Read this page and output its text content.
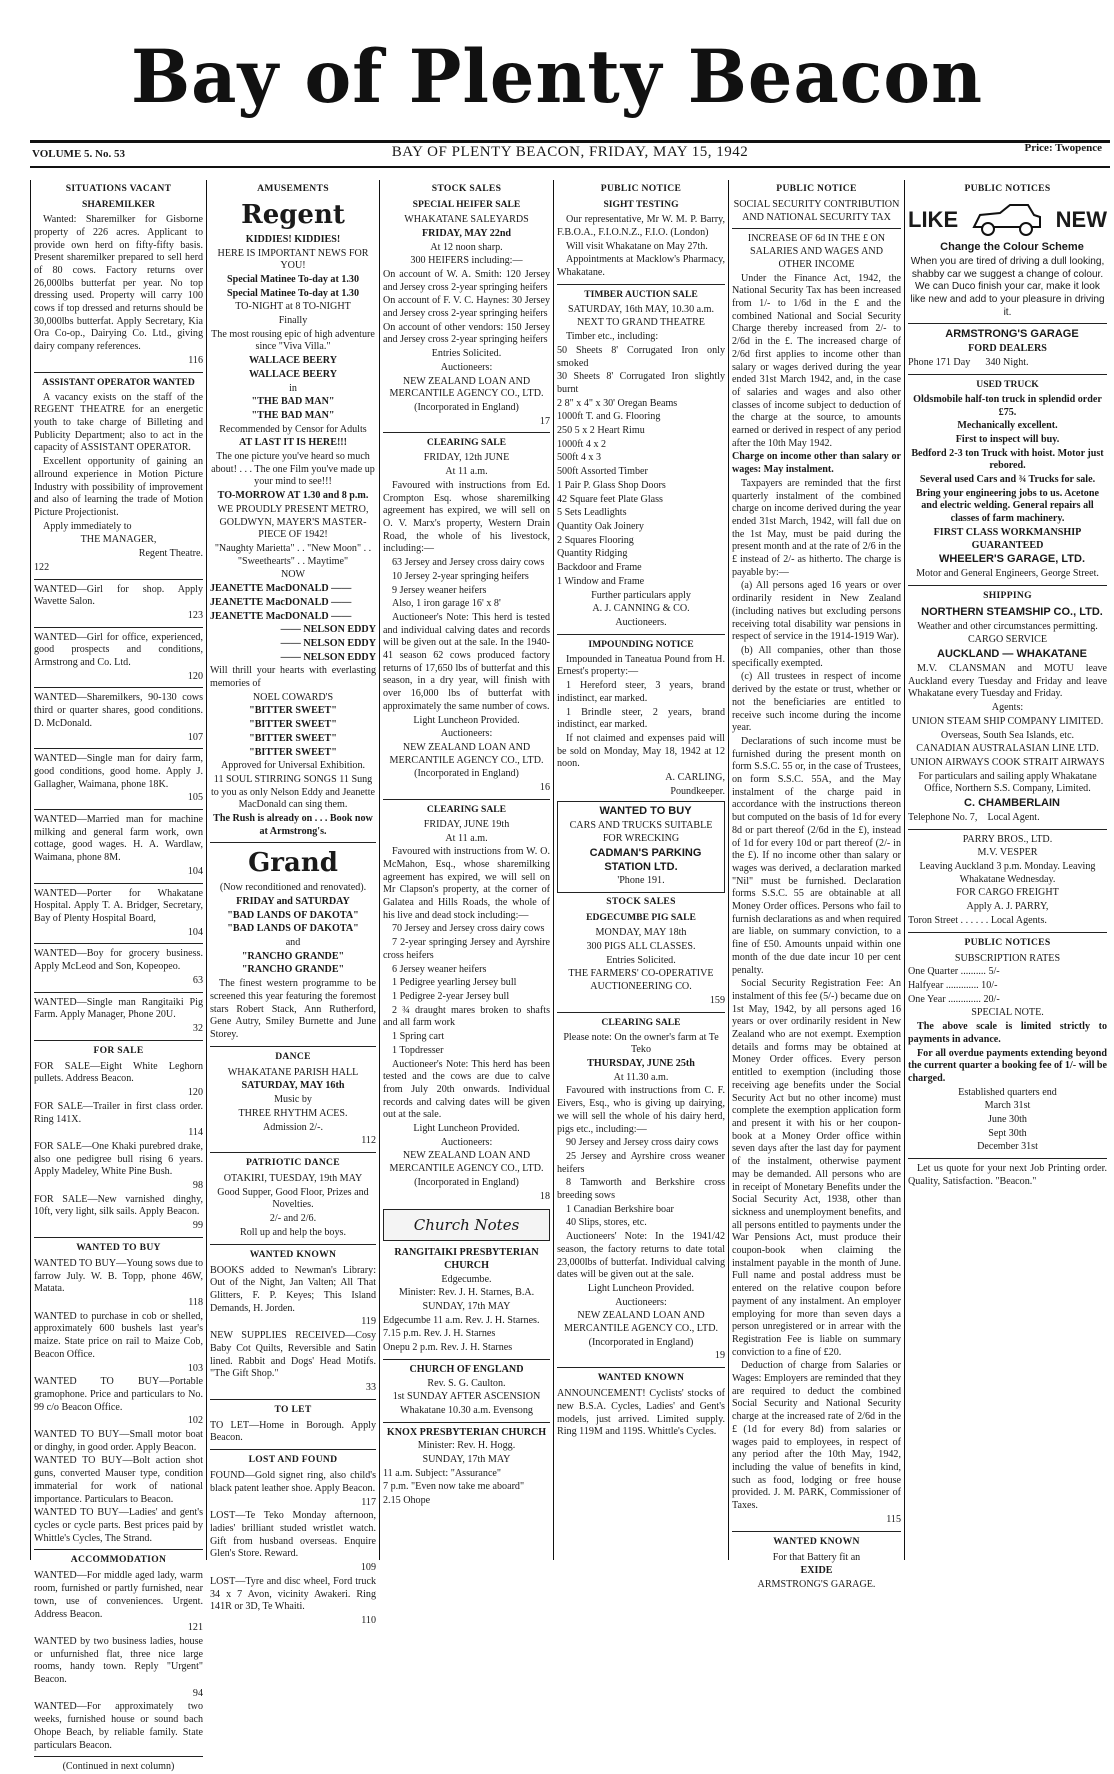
Bay of Plenty Beacon
VOLUME 5. No. 53	BAY OF PLENTY BEACON, FRIDAY, MAY 15, 1942	Price: Twopence
SITUATIONS VACANT
SHAREMILKER

Wanted: Sharemilker for Gisborne property of 226 acres. Applicant to provide own herd on fifty-fifty basis. Present sharemilker prepared to sell herd of 80 cows. Factory returns over 26,000lbs butterfat per year. No top dressing used. Property will carry 100 cows if top dressed and returns should be 30,000lbs butterfat. Apply Secretary, Kia Ora Co-op., Dairying Co. Ltd., giving dairy company references.

116

ASSISTANT OPERATOR WANTED

A vacancy exists on the staff of the REGENT THEATRE for an energetic youth to take charge of Billeting and Publicity Department; also to act in the capacity of ASSISTANT OPERATOR.

Excellent opportunity of gaining an allround experience in Motion Picture Industry with possibility of improvement and also of learning the trade of Motion Picture Projectionist.

Apply immediately to

THE MANAGER,

Regent Theatre.

122

WANTED—Girl for shop. Apply Wavette Salon.

123

WANTED—Girl for office, experienced, good prospects and conditions, Armstrong and Co. Ltd.

120

WANTED—Sharemilkers, 90-130 cows third or quarter shares, good conditions. D. McDonald.

107

WANTED—Single man for dairy farm, good conditions, good home. Apply J. Gallagher, Waimana, phone 18K.

105

WANTED—Married man for machine milking and general farm work, own cottage, good wages. H. A. Wardlaw, Waimana, phone 8M.

104

WANTED—Porter for Whakatane Hospital. Apply T. A. Bridger, Secretary, Bay of Plenty Hospital Board,

104

WANTED—Boy for grocery business. Apply McLeod and Son, Kopeopeo.

63

WANTED—Single man Rangitaiki Pig Farm. Apply Manager, Phone 20U.

32

FOR SALE

FOR SALE—Eight White Leghorn pullets. Address Beacon.

120

FOR SALE—Trailer in first class order. Ring 141X.

114

FOR SALE—One Khaki purebred drake, also one pedigree bull rising 6 years. Apply Madeley, White Pine Bush.

98

FOR SALE—New varnished dinghy, 10ft, very light, silk sails. Apply Beacon.

99

WANTED TO BUY

WANTED TO BUY—Young sows due to farrow July. W. B. Topp, phone 46W, Matata.

118

WANTED to purchase in cob or shelled, approximately 600 bushels last year's maize. State price on rail to Maize Cob, Beacon Office.

103

WANTED TO BUY—Portable gramophone. Price and particulars to No. 99 c/o Beacon Office.

102

WANTED TO BUY—Small motor boat or dinghy, in good order. Apply Beacon.

WANTED TO BUY—Bolt action shot guns, converted Mauser type, condition immaterial for work of national importance. Particulars to Beacon.

WANTED TO BUY—Ladies' and gent's cycles or cycle parts. Best prices paid by Whittle's Cycles, The Strand.

ACCOMMODATION

WANTED—For middle aged lady, warm room, furnished or partly furnished, near town, use of conveniences. Urgent. Address Beacon.

121

WANTED by two business ladies, house or unfurnished flat, three nice large rooms, handy town. Reply "Urgent" Beacon.

94

WANTED—For approximately two weeks, furnished house or sound bach Ohope Beach, by reliable family. State particulars Beacon.

(Continued in next column)

AMUSEMENTS
Regent

KIDDIES! KIDDIES!

HERE IS IMPORTANT NEWS FOR YOU!

Special Matinee To-day at 1.30

Special Matinee To-day at 1.30

TO-NIGHT at 8 TO-NIGHT

Finally

The most rousing epic of high adventure since "Viva Villa."

WALLACE BEERY

WALLACE BEERY

in

"THE BAD MAN"

"THE BAD MAN"

Recommended by Censor for Adults

AT LAST IT IS HERE!!!

The one picture you've heard so much about! . . . The one Film you've made up your mind to see!!!

TO-MORROW AT 1.30 and 8 p.m.

WE PROUDLY PRESENT METRO, GOLDWYN, MAYER'S MASTER-PIECE OF 1942!

"Naughty Marietta" . . "New Moon" . . "Sweethearts" . . Maytime"

NOW

JEANETTE MacDONALD ——

JEANETTE MacDONALD ——

JEANETTE MacDONALD ——

—— NELSON EDDY

—— NELSON EDDY

—— NELSON EDDY

Will thrill your hearts with everlasting memories of

NOEL COWARD'S

"BITTER SWEET"

"BITTER SWEET"

"BITTER SWEET"

"BITTER SWEET"

Approved for Universal Exhibition.

11 SOUL STIRRING SONGS 11 Sung to you as only Nelson Eddy and Jeanette MacDonald can sing them.

The Rush is already on . . . Book now at Armstrong's.

Grand

(Now reconditioned and renovated).

FRIDAY and SATURDAY

"BAD LANDS OF DAKOTA"

"BAD LANDS OF DAKOTA"

and

"RANCHO GRANDE"

"RANCHO GRANDE"

The finest western programme to be screened this year featuring the foremost stars Robert Stack, Ann Rutherford, Gene Autry, Smiley Burnette and June Storey.

DANCE

WHAKATANE PARISH HALL

SATURDAY, MAY 16th

Music by

THREE RHYTHM ACES.

Admission 2/-.

112

PATRIOTIC DANCE

OTAKIRI, TUESDAY, 19th MAY

Good Supper, Good Floor, Prizes and Novelties.

2/- and 2/6.

Roll up and help the boys.

WANTED KNOWN

BOOKS added to Newman's Library: Out of the Night, Jan Valten; All That Glitters, F. P. Keyes; This Island Demands, H. Jorden.

119

NEW SUPPLIES RECEIVED—Cosy Baby Cot Quilts, Reversible and Satin lined. Rabbit and Dogs' Head Motifs. "The Gift Shop."

33

TO LET

TO LET—Home in Borough. Apply Beacon.

LOST AND FOUND

FOUND—Gold signet ring, also child's black patent leather shoe. Apply Beacon.

117

LOST—Te Teko Monday afternoon, ladies' brilliant studed wristlet watch. Gift from husband overseas. Enquire Glen's Store. Reward.

109

LOST—Tyre and disc wheel, Ford truck 34 x 7 Avon, vicinity Awakeri. Ring 141R or 3D, Te Whaiti.

110

STOCK SALES
SPECIAL HEIFER SALE

WHAKATANE SALEYARDS

FRIDAY, MAY 22nd

At 12 noon sharp.

300 HEIFERS including:—

On account of W. A. Smith: 120 Jersey and Jersey cross 2-year springing heifers

On account of F. V. C. Haynes: 30 Jersey and Jersey cross 2-year springing heifers

On account of other vendors: 150 Jersey and Jersey cross 2-year springing heifers

Entries Solicited.

Auctioneers:

NEW ZEALAND LOAN AND MERCANTILE AGENCY CO., LTD.

(Incorporated in England)

17

CLEARING SALE

FRIDAY, 12th JUNE

At 11 a.m.

Favoured with instructions from Ed. Crompton Esq. whose sharemilking agreement has expired, we will sell on O. V. Marx's property, Western Drain Road, the whole of his livestock, including:—

63 Jersey and Jersey cross dairy cows

10 Jersey 2-year springing heifers

9 Jersey weaner heifers

Also, 1 iron garage 16' x 8'

Auctioneer's Note: This herd is tested and individual calving dates and records will be given out at the sale. In the 1940-41 season 62 cows produced factory returns of 17,650 lbs of butterfat and this season, in a dry year, will finish with over 16,000 lbs of butterfat with approximately the same number of cows.

Light Luncheon Provided.

Auctioneers:

NEW ZEALAND LOAN AND MERCANTILE AGENCY CO., LTD.

(Incorporated in England)

16

CLEARING SALE

FRIDAY, JUNE 19th

At 11 a.m.

Favoured with instructions from W. O. McMahon, Esq., whose sharemilking agreement has expired, we will sell on Mr Clapson's property, at the corner of Galatea and Hills Roads, the whole of his live and dead stock including:—

70 Jersey and Jersey cross dairy cows

7 2-year springing Jersey and Ayrshire cross heifers

6 Jersey weaner heifers

1 Pedigree yearling Jersey bull

1 Pedigree 2-year Jersey bull

2 ¾ draught mares broken to shafts and all farm work

1 Spring cart

1 Topdresser

Auctioneer's Note: This herd has been tested and the cows are due to calve from July 20th onwards. Individual records and calving dates will be given out at the sale.

Light Luncheon Provided.

Auctioneers:

NEW ZEALAND LOAN AND MERCANTILE AGENCY CO., LTD.

(Incorporated in England)

18

Church Notes

RANGITAIKI PRESBYTERIAN CHURCH

Edgecumbe.

Minister: Rev. J. H. Starnes, B.A.

SUNDAY, 17th MAY

Edgecumbe 11 a.m. Rev. J. H. Starnes.

7.15 p.m. Rev. J. H. Starnes

Onepu 2 p.m. Rev. J. H. Starnes

CHURCH OF ENGLAND

Rev. S. G. Caulton.

1st SUNDAY AFTER ASCENSION

Whakatane 10.30 a.m. Evensong

KNOX PRESBYTERIAN CHURCH

Minister: Rev. H. Hogg.

SUNDAY, 17th MAY

11 a.m. Subject: "Assurance"

7 p.m. "Even now take me aboard"

2.15 Ohope

PUBLIC NOTICE
SIGHT TESTING

Our representative, Mr W. M. P. Barry, F.B.O.A., F.I.O.N.Z., F.I.O. (London)

Will visit Whakatane on May 27th.

Appointments at Macklow's Pharmacy, Whakatane.

TIMBER AUCTION SALE

SATURDAY, 16th MAY, 10.30 a.m.

NEXT TO GRAND THEATRE

Timber etc., including:

50 Sheets 8' Corrugated Iron only smoked

30 Sheets 8' Corrugated Iron slightly burnt

2 8" x 4" x 30' Oregan Beams

1000ft T. and G. Flooring

250 5 x 2 Heart Rimu

1000ft 4 x 2

500ft 4 x 3

500ft Assorted Timber

1 Pair P. Glass Shop Doors

42 Square feet Plate Glass

5 Sets Leadlights

Quantity Oak Joinery

2 Squares Flooring

Quantity Ridging

Backdoor and Frame

1 Window and Frame

Further particulars apply

A. J. CANNING & CO.

Auctioneers.

IMPOUNDING NOTICE

Impounded in Taneatua Pound from H. Ernest's property:—

1 Hereford steer, 3 years, brand indistinct, ear marked.

1 Brindle steer, 2 years, brand indistinct, ear marked.

If not claimed and expenses paid will be sold on Monday, May 18, 1942 at 12 noon.

A. CARLING,

Poundkeeper.

WANTED TO BUY

CARS AND TRUCKS SUITABLE FOR WRECKING

CADMAN'S PARKING STATION LTD.

'Phone 191.

STOCK SALES
EDGECUMBE PIG SALE

MONDAY, MAY 18th

300 PIGS ALL CLASSES.

Entries Solicited.

THE FARMERS' CO-OPERATIVE AUCTIONEERING CO.

159

CLEARING SALE

Please note: On the owner's farm at Te Teko

THURSDAY, JUNE 25th

At 11.30 a.m.

Favoured with instructions from C. F. Eivers, Esq., who is giving up dairying, we will sell the whole of his dairy herd, pigs etc., including:—

90 Jersey and Jersey cross dairy cows

25 Jersey and Ayrshire cross weaner heifers

8 Tamworth and Berkshire cross breeding sows

1 Canadian Berkshire boar

40 Slips, stores, etc.

Auctioneers' Note: In the 1941/42 season, the factory returns to date total 23,000lbs of butterfat. Individual calving dates will be given out at the sale.

Light Luncheon Provided.

Auctioneers:

NEW ZEALAND LOAN AND MERCANTILE AGENCY CO., LTD.

(Incorporated in England)

19

WANTED KNOWN

ANNOUNCEMENT! Cyclists' stocks of new B.S.A. Cycles, Ladies' and Gent's models, just arrived. Limited supply. Ring 119M and 119S. Whittle's Cycles.

PUBLIC NOTICE

SOCIAL SECURITY CONTRIBUTION AND NATIONAL SECURITY TAX

INCREASE OF 6d IN THE £ ON SALARIES AND WAGES AND OTHER INCOME

Under the Finance Act, 1942, the National Security Tax has been increased from 1/- to 1/6d in the £ and the combined National and Social Security Charge thereby increased from 2/- to 2/6d in the £. The increased charge of 2/6d first applies to income other than salary or wages derived during the year ended 31st March 1942, and, in the case of salaries and wages and also other classes of income subject to deduction of the charge at the source, to amounts earned or derived in respect of any period after the 10th May 1942.

Charge on income other than salary or wages: May instalment.

Taxpayers are reminded that the first quarterly instalment of the combined charge on income derived during the year ended 31st March, 1942, will fall due on the 1st May, must be paid during the present month and at the rate of 2/6 in the £ instead of 2/- as hitherto. The charge is payable by:—

(a) All persons aged 16 years or over ordinarily resident in New Zealand (including natives but excluding persons receiving total disability war pensions in respect of service in the 1914-1919 War).

(b) All companies, other than those specifically exempted.

(c) All trustees in respect of income derived by the estate or trust, whether or not the beneficiaries are entitled to receive such income during the income year.

Declarations of such income must be furnished during the present month on form S.S.C. 55 or, in the case of Trustees, on form S.S.C. 55A, and the May instalment of the charge paid in accordance with the instructions thereon but computed on the basis of 1d for every 8d or part thereof (2/6d in the £), instead of 1d for every 10d or part thereof (2/- in the £). If no income other than salary or wages was derived, a declaration marked "Nil" must be furnished. Declaration forms S.S.C. 55 are obtainable at all Money Order offices. Persons who fail to furnish declarations as and when required are liable, on summary conviction, to a fine of £50. Amounts unpaid within one month of the due date incur 10 per cent penalty.

Social Security Registration Fee: An instalment of this fee (5/-) became due on 1st May, 1942, by all persons aged 16 years or over ordinarily resident in New Zealand who are not exempt. Exemption details and forms may be obtained at Money Order offices. Every person entitled to exemption (including those receiving age benefits under the Social Security Act but no other income) must complete the exemption application form and present it with his or her coupon-book at a Money Order office within seven days after the last day for payment of the instalment, otherwise payment may be demanded. All persons who are in receipt of Monetary Benefits under the Social Security Act, 1938, other than sickness and unemployment benefits, and all persons entitled to payments under the War Pensions Act, must produce their coupon-book when claiming the instalment payable in the month of June. Full name and postal address must be entered on the relative coupon before payment of any instalment. An employer employing for more than seven days a person unregistered or in arrear with the Registration Fee is liable on summary conviction to a fine of £20.

Deduction of charge from Salaries or Wages: Employers are reminded that they are required to deduct the combined Social Security and National Security charge at the increased rate of 2/6d in the £ (1d for every 8d) from salaries or wages paid to employees, in respect of any period after the 10th May, 1942, including the value of benefits in kind, such as food, lodging or free house provided. J. M. PARK, Commissioner of Taxes.

115

WANTED KNOWN

For that Battery fit an

EXIDE

ARMSTRONG'S GARAGE.

PUBLIC NOTICES
LIKE	NEW

Change the Colour Scheme

When you are tired of driving a dull looking, shabby car we suggest a change of colour. We can Duco finish your car, make it look like new and add to your pleasure in driving it.

ARMSTRONG'S GARAGE

FORD DEALERS

Phone 171 Day 340 Night.

USED TRUCK

Oldsmobile half-ton truck in splendid order £75.

Mechanically excellent.

First to inspect will buy.

Bedford 2-3 ton Truck with hoist. Motor just rebored.

Several used Cars and ¾ Trucks for sale.

Bring your engineering jobs to us. Acetone and electric welding. General repairs all classes of farm machinery.

FIRST CLASS WORKMANSHIP GUARANTEED

WHEELER'S GARAGE, LTD.

Motor and General Engineers, George Street.

SHIPPING

NORTHERN STEAMSHIP CO., LTD.

Weather and other circumstances permitting.

CARGO SERVICE

AUCKLAND — WHAKATANE

M.V. CLANSMAN and MOTU leave Auckland every Tuesday and Friday and leave Whakatane every Tuesday and Friday.

Agents:

UNION STEAM SHIP COMPANY LIMITED.

Overseas, South Sea Islands, etc.

CANADIAN AUSTRALASIAN LINE LTD.

UNION AIRWAYS COOK STRAIT AIRWAYS

For particulars and sailing apply Whakatane Office, Northern S.S. Company, Limited.

C. CHAMBERLAIN

Telephone No. 7, Local Agent.

PARRY BROS., LTD.

M.V. VESPER

Leaving Auckland 3 p.m. Monday. Leaving Whakatane Wednesday.

FOR CARGO FREIGHT

Apply A. J. PARRY,

Toron Street . . . . . . Local Agents.

PUBLIC NOTICES

SUBSCRIPTION RATES

One Quarter .......... 5/-

Halfyear ............. 10/-

One Year ............. 20/-

SPECIAL NOTE.

The above scale is limited strictly to payments in advance.

For all overdue payments extending beyond the current quarter a booking fee of 1/- will be charged.

Established quarters end

March 31st

June 30th

Sept 30th

December 31st

Let us quote for your next Job Printing order. Quality, Satisfaction. "Beacon."
